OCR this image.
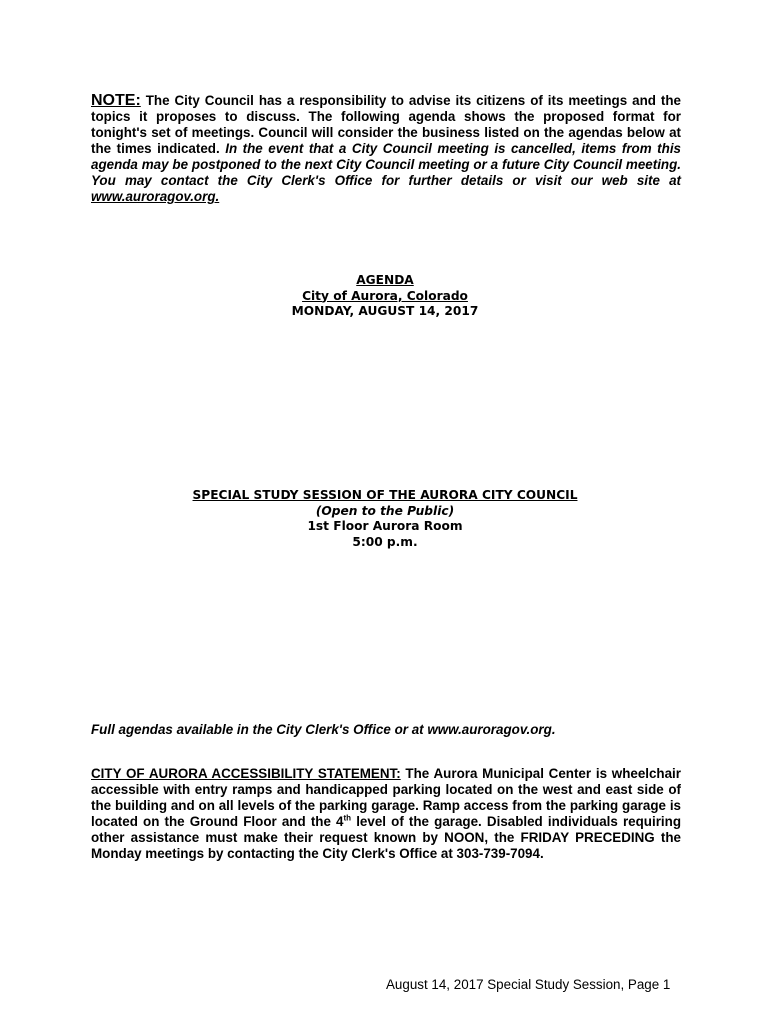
NOTE: The City Council has a responsibility to advise its citizens of its meetings and the topics it proposes to discuss. The following agenda shows the proposed format for tonight's set of meetings. Council will consider the business listed on the agendas below at the times indicated. In the event that a City Council meeting is cancelled, items from this agenda may be postponed to the next City Council meeting or a future City Council meeting. You may contact the City Clerk's Office for further details or visit our web site at www.auroragov.org.

AGENDA
City of Aurora, Colorado
MONDAY, AUGUST 14, 2017
SPECIAL STUDY SESSION OF THE AURORA CITY COUNCIL
(Open to the Public)
1st Floor Aurora Room
5:00 p.m.

Full agendas available in the City Clerk's Office or at www.auroragov.org.

CITY OF AURORA ACCESSIBILITY STATEMENT: The Aurora Municipal Center is wheelchair accessible with entry ramps and handicapped parking located on the west and east side of the building and on all levels of the parking garage. Ramp access from the parking garage is located on the Ground Floor and the 4th level of the garage. Disabled individuals requiring other assistance must make their request known by NOON, the FRIDAY PRECEDING the Monday meetings by contacting the City Clerk's Office at 303-739-7094.

August 14, 2017 Special Study Session, Page 1
